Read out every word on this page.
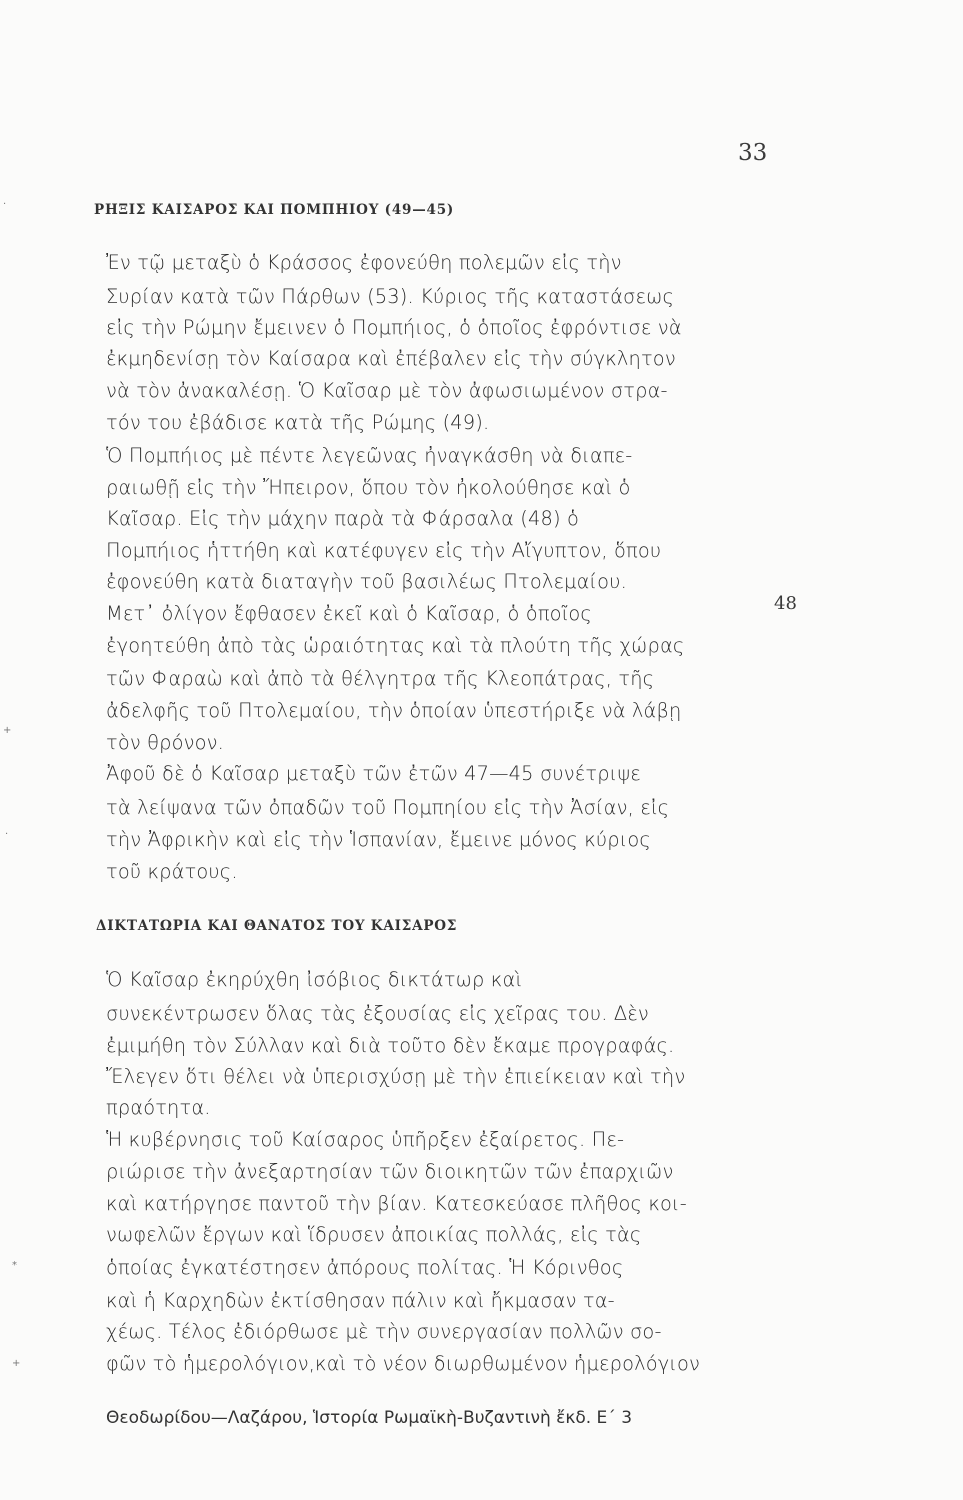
33
ΡΗΞΙΣ ΚΑΙΣΑΡΟΣ ΚΑΙ ΠΟΜΠΗΙΟΥ (49—45)
Ἐν τῷ μεταξὺ ὁ Κράσσος ἐφονεύθη πολεμῶν εἰς τὴν
Συρίαν κατὰ τῶν Πάρθων (53). Κύριος τῆς καταστάσεως
εἰς τὴν Ρώμην ἔμεινεν ὁ Πομπήιος, ὁ ὁποῖος ἐφρόντισε νὰ
ἐκμηδενίσῃ τὸν Καίσαρα καὶ ἐπέβαλεν εἰς τὴν σύγκλητον
νὰ τὸν ἀνακαλέσῃ. Ὁ Καῖσαρ μὲ τὸν ἀφωσιωμένον στρα-
τόν του ἐβάδισε κατὰ τῆς Ρώμης (49).
Ὁ Πομπήιος μὲ πέντε λεγεῶνας ἠναγκάσθη νὰ διαπε-
ραιωθῇ εἰς τὴν Ἤπειρον, ὅπου τὸν ἠκολούθησε καὶ ὁ
Καῖσαρ. Εἰς τὴν μάχην παρὰ τὰ Φάρσαλα (48) ὁ
Πομπήιος ἡττήθη καὶ κατέφυγεν εἰς τὴν Αἴγυπτον, ὅπου
ἐφονεύθη κατὰ διαταγὴν τοῦ βασιλέως Πτολεμαίου.
Μετ᾽ ὀλίγον ἔφθασεν ἐκεῖ καὶ ὁ Καῖσαρ, ὁ ὁποῖος
ἐγοητεύθη ἀπὸ τὰς ὡραιότητας καὶ τὰ πλούτη τῆς χώρας
τῶν Φαραὼ καὶ ἀπὸ τὰ θέλγητρα τῆς Κλεοπάτρας, τῆς
ἀδελφῆς τοῦ Πτολεμαίου, τὴν ὁποίαν ὑπεστήριξε νὰ λάβῃ
τὸν θρόνον.
Ἀφοῦ δὲ ὁ Καῖσαρ μεταξὺ τῶν ἐτῶν 47—45 συνέτριψε
τὰ λείψανα τῶν ὀπαδῶν τοῦ Πομπηίου εἰς τὴν Ἀσίαν, εἰς
τὴν Ἀφρικὴν καὶ εἰς τὴν Ἱσπανίαν, ἔμεινε μόνος κύριος
τοῦ κράτους.
48
ΔΙΚΤΑΤΩΡΙΑ ΚΑΙ ΘΑΝΑΤΟΣ ΤΟΥ ΚΑΙΣΑΡΟΣ
Ὁ Καῖσαρ ἐκηρύχθη ἰσόβιος δικτάτωρ καὶ
συνεκέντρωσεν ὅλας τὰς ἐξουσίας εἰς χεῖρας του. Δὲν
ἐμιμήθη τὸν Σύλλαν καὶ διὰ τοῦτο δὲν ἔκαμε προγραφάς.
Ἔλεγεν ὅτι θέλει νὰ ὑπερισχύσῃ μὲ τὴν ἐπιείκειαν καὶ τὴν
πραότητα.
Ἡ κυβέρνησις τοῦ Καίσαρος ὑπῆρξεν ἐξαίρετος. Πε-
ριώρισε τὴν ἀνεξαρτησίαν τῶν διοικητῶν τῶν ἐπαρχιῶν
καὶ κατήργησε παντοῦ τὴν βίαν. Κατεσκεύασε πλῆθος κοι-
νωφελῶν ἔργων καὶ ἵδρυσεν ἀποικίας πολλάς, εἰς τὰς
ὁποίας ἐγκατέστησεν ἀπόρους πολίτας. Ἡ Κόρινθος
καὶ ἡ Καρχηδὼν ἐκτίσθησαν πάλιν καὶ ἤκμασαν τα-
χέως. Τέλος ἐδιόρθωσε μὲ τὴν συνεργασίαν πολλῶν σο-
φῶν τὸ ἡμερολόγιον,καὶ τὸ νέον διωρθωμένον ἡμερολόγιον
Θεοδωρίδου—Λαζάρου, Ἱστορία Ρωμαϊκὴ-Βυζαντινὴ ἔκδ. Ε΄ 3
.
+
.
*
+
